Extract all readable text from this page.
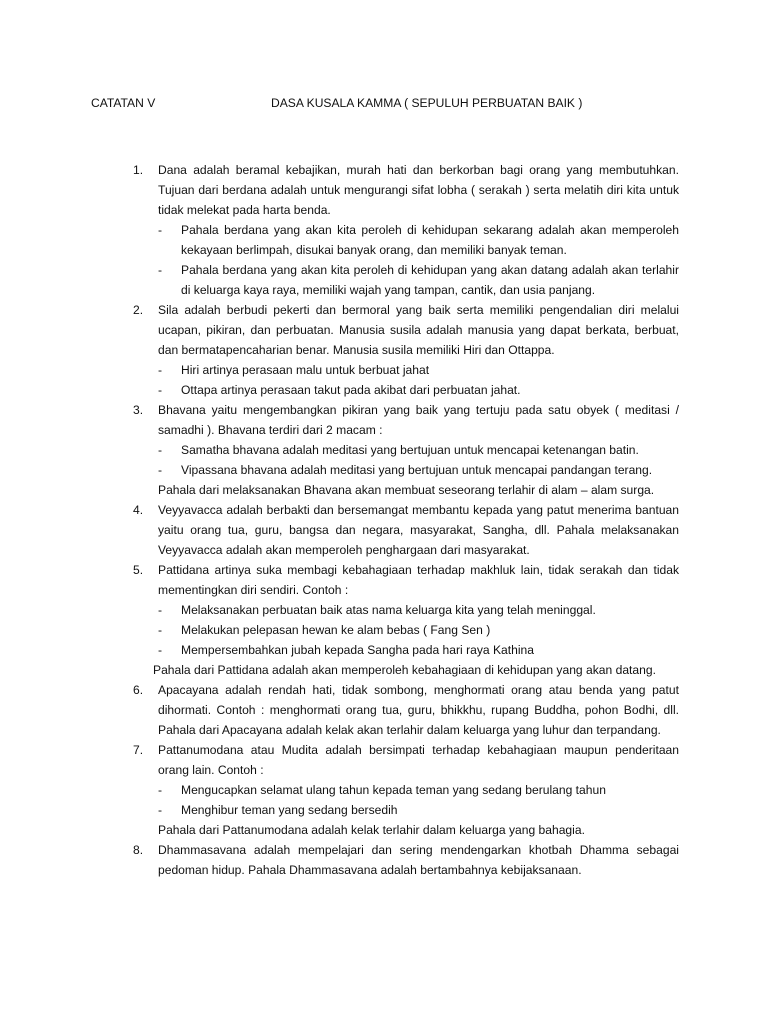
CATATAN V	DASA KUSALA KAMMA ( SEPULUH PERBUATAN BAIK )
1.	Dana adalah beramal kebajikan, murah hati dan berkorban bagi orang yang membutuhkan. Tujuan dari berdana adalah untuk mengurangi sifat lobha ( serakah ) serta melatih diri kita untuk tidak melekat pada harta benda.
- Pahala berdana yang akan kita peroleh di kehidupan sekarang adalah akan memperoleh kekayaan berlimpah, disukai banyak orang, dan memiliki banyak teman.
- Pahala berdana yang akan kita peroleh di kehidupan yang akan datang adalah akan terlahir di keluarga kaya raya, memiliki wajah yang tampan, cantik, dan usia panjang.
2.	Sila adalah berbudi pekerti dan bermoral yang baik serta memiliki pengendalian diri melalui ucapan, pikiran, dan perbuatan. Manusia susila adalah manusia yang dapat berkata, berbuat, dan bermatapencaharian benar. Manusia susila memiliki Hiri dan Ottappa.
- Hiri artinya perasaan malu untuk berbuat jahat
- Ottapa artinya perasaan takut pada akibat dari perbuatan jahat.
3.	Bhavana yaitu mengembangkan pikiran yang baik yang tertuju pada satu obyek ( meditasi / samadhi ). Bhavana terdiri dari 2 macam :
- Samatha bhavana adalah meditasi yang bertujuan untuk mencapai ketenangan batin.
- Vipassana bhavana adalah meditasi yang bertujuan untuk mencapai pandangan terang.
Pahala dari melaksanakan Bhavana akan membuat seseorang terlahir di alam – alam surga.
4.	Veyyavacca adalah berbakti dan bersemangat membantu kepada yang patut menerima bantuan yaitu orang tua, guru, bangsa dan negara, masyarakat, Sangha, dll. Pahala melaksanakan Veyyavacca adalah akan memperoleh penghargaan dari masyarakat.
5.	Pattidana artinya suka membagi kebahagiaan terhadap makhluk lain, tidak serakah dan tidak mementingkan diri sendiri. Contoh :
- Melaksanakan perbuatan baik atas nama keluarga kita yang telah meninggal.
- Melakukan pelepasan hewan ke alam bebas ( Fang Sen )
- Mempersembahkan jubah kepada Sangha pada hari raya Kathina
Pahala dari Pattidana adalah akan memperoleh kebahagiaan di kehidupan yang akan datang.
6.	Apacayana adalah rendah hati, tidak sombong, menghormati orang atau benda yang patut dihormati. Contoh : menghormati orang tua, guru, bhikkhu, rupang Buddha, pohon Bodhi, dll. Pahala dari Apacayana adalah kelak akan terlahir dalam keluarga yang luhur dan terpandang.
7.	Pattanumodana atau Mudita adalah bersimpati terhadap kebahagiaan maupun penderitaan orang lain. Contoh :
- Mengucapkan selamat ulang tahun kepada teman yang sedang berulang tahun
- Menghibur teman yang sedang bersedih
Pahala dari Pattanumodana adalah kelak terlahir dalam keluarga yang bahagia.
8.	Dhammasavana adalah mempelajari dan sering mendengarkan khotbah Dhamma sebagai pedoman hidup. Pahala Dhammasavana adalah bertambahnya kebijaksanaan.
